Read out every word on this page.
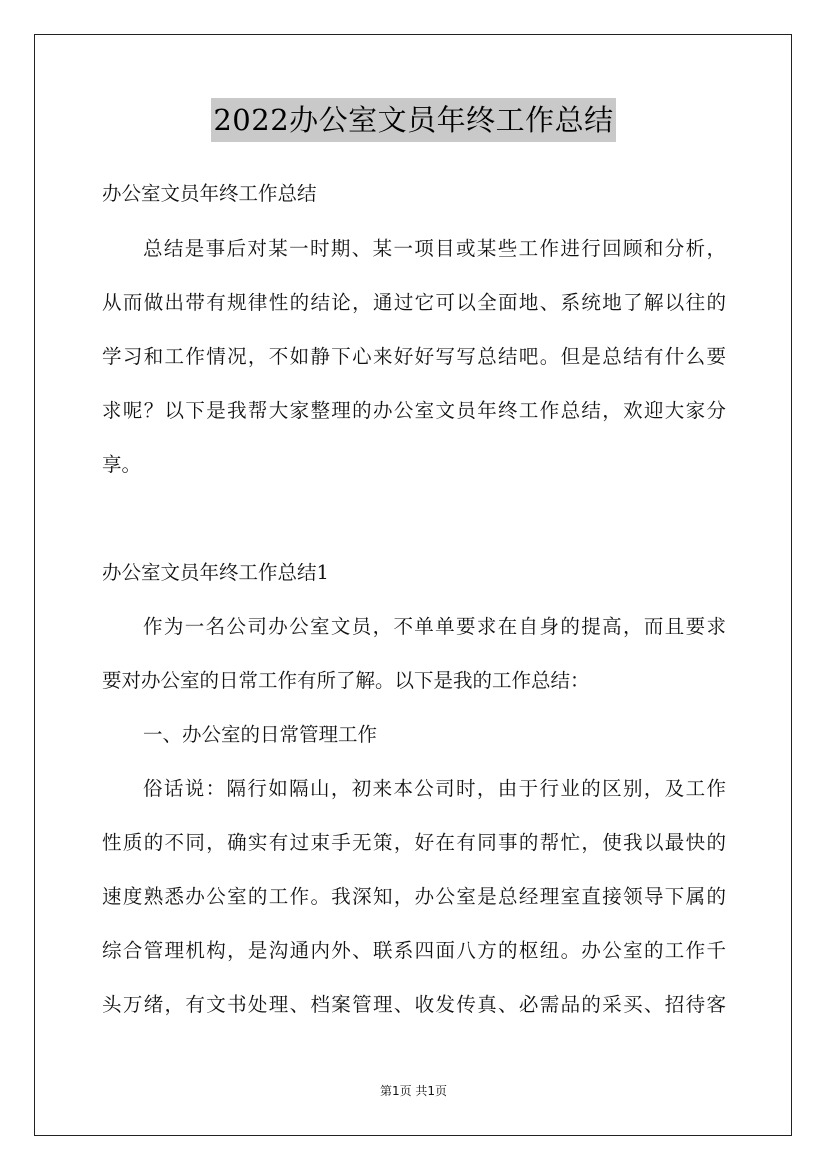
2022办公室文员年终工作总结
办公室文员年终工作总结
总结是事后对某一时期、某一项目或某些工作进行回顾和分析，
从而做出带有规律性的结论，通过它可以全面地、系统地了解以往的
学习和工作情况，不如静下心来好好写写总结吧。但是总结有什么要
求呢？以下是我帮大家整理的办公室文员年终工作总结，欢迎大家分
享。
办公室文员年终工作总结1
作为一名公司办公室文员，不单单要求在自身的提高，而且要求
要对办公室的日常工作有所了解。以下是我的工作总结：
一、办公室的日常管理工作
俗话说：隔行如隔山，初来本公司时，由于行业的区别，及工作
性质的不同，确实有过束手无策，好在有同事的帮忙，使我以最快的
速度熟悉办公室的工作。我深知，办公室是总经理室直接领导下属的
综合管理机构，是沟通内外、联系四面八方的枢纽。办公室的工作千
头万绪，有文书处理、档案管理、收发传真、必需品的采买、招待客
第1页 共1页
